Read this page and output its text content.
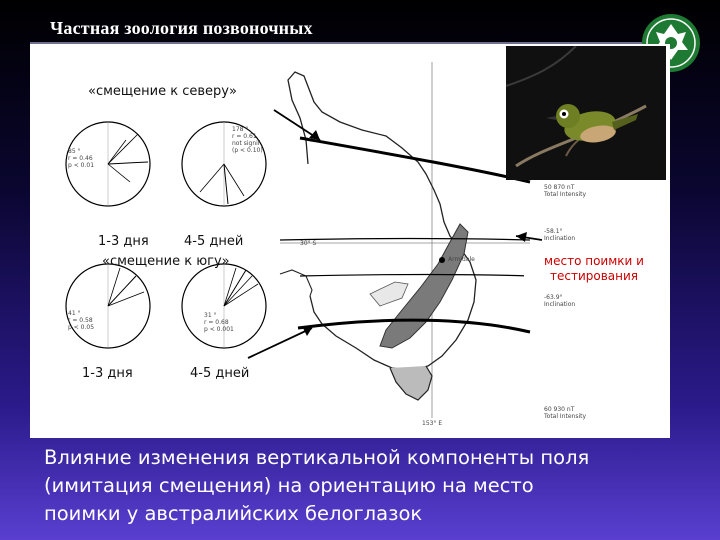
Частная зоология позвоночных
«смещение к северу»
1-3 дня	4-5 дней
«смещение к югу»
1-3 дня	4-5 дней
85 °
r = 0.46
p < 0.01
178 °
r = 0.61
not signif
(p < 0.10)
41 °
r = 0.58
p < 0.05
31 °
r = 0.68
p < 0.001
50 870 nT
Total Intensity
-58.1°
Inclination
место поимки и
тестирования
-63.9°
Inclination
60 930 nT
Total Intensity
Armidale
30° S
153° E
Влияние изменения вертикальной компоненты поля
(имитация смещения) на ориентацию на место
поимки у австралийских белоглазок
